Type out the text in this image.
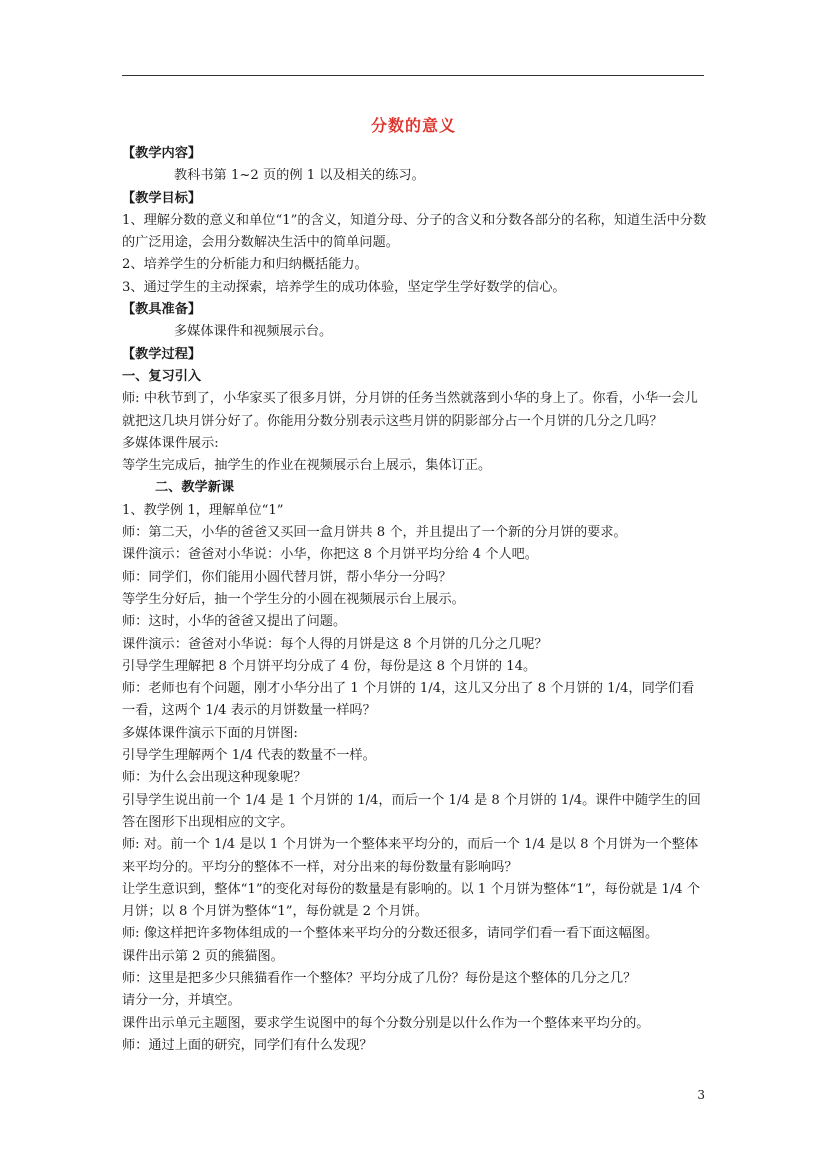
分数的意义

【教学内容】

教科书第 1~2 页的例 1 以及相关的练习。

【教学目标】

1、理解分数的意义和单位“1”的含义，知道分母、分子的含义和分数各部分的名称，知道生活中分数的广泛用途，会用分数解决生活中的简单问题。

2、培养学生的分析能力和归纳概括能力。

3、通过学生的主动探索，培养学生的成功体验，坚定学生学好数学的信心。

【教具准备】

多媒体课件和视频展示台。

【教学过程】

一、复习引入

师: 中秋节到了，小华家买了很多月饼，分月饼的任务当然就落到小华的身上了。你看，小华一会儿就把这几块月饼分好了。你能用分数分别表示这些月饼的阴影部分占一个月饼的几分之几吗？

多媒体课件展示:

等学生完成后，抽学生的作业在视频展示台上展示，集体订正。

二、教学新课

1、教学例 1，理解单位“1”

师：第二天，小华的爸爸又买回一盒月饼共 8 个，并且提出了一个新的分月饼的要求。

课件演示：爸爸对小华说：小华，你把这 8 个月饼平均分给 4 个人吧。

师：同学们，你们能用小圆代替月饼，帮小华分一分吗？

等学生分好后，抽一个学生分的小圆在视频展示台上展示。

师：这时，小华的爸爸又提出了问题。

课件演示：爸爸对小华说：每个人得的月饼是这 8 个月饼的几分之几呢？

引导学生理解把 8 个月饼平均分成了 4 份，每份是这 8 个月饼的 14。

师：老师也有个问题，刚才小华分出了 1 个月饼的 1/4，这儿又分出了 8 个月饼的 1/4，同学们看一看，这两个 1/4 表示的月饼数量一样吗？

多媒体课件演示下面的月饼图:

引导学生理解两个 1/4 代表的数量不一样。

师：为什么会出现这种现象呢？

引导学生说出前一个 1/4 是 1 个月饼的 1/4，而后一个 1/4 是 8 个月饼的 1/4。课件中随学生的回答在图形下出现相应的文字。

师: 对。前一个 1/4 是以 1 个月饼为一个整体来平均分的，而后一个 1/4 是以 8 个月饼为一个整体来平均分的。平均分的整体不一样，对分出来的每份数量有影响吗？

让学生意识到，整体“1”的变化对每份的数量是有影响的。以 1 个月饼为整体“1”，每份就是 1/4 个月饼；以 8 个月饼为整体“1”，每份就是 2 个月饼。

师: 像这样把许多物体组成的一个整体来平均分的分数还很多，请同学们看一看下面这幅图。

课件出示第 2 页的熊猫图。

师：这里是把多少只熊猫看作一个整体？平均分成了几份？每份是这个整体的几分之几？

请分一分，并填空。

课件出示单元主题图，要求学生说图中的每个分数分别是以什么作为一个整体来平均分的。

师：通过上面的研究，同学们有什么发现？

3
